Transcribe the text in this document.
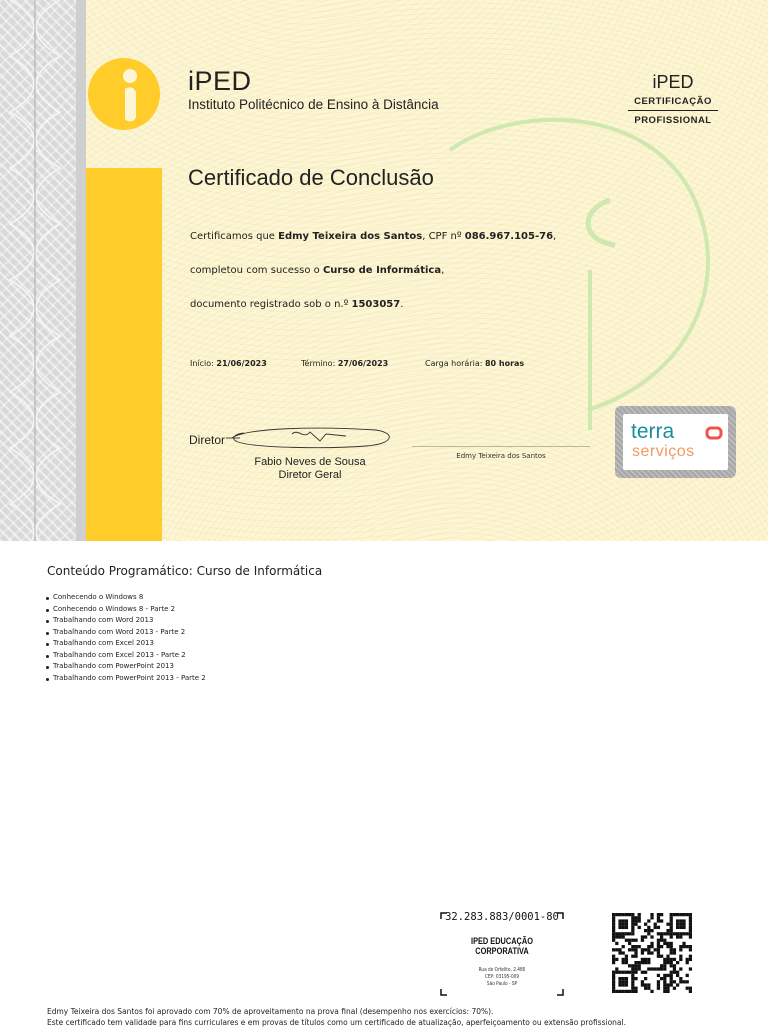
iPED
Instituto Politécnico de Ensino à Distância
iPED
CERTIFICAÇÃO
PROFISSIONAL
Certificado de Conclusão
Certificamos que Edmy Teixeira dos Santos, CPF nº 086.967.105-76,
completou com sucesso o Curso de Informática,
documento registrado sob o n.º 1503057.
Início: 21/06/2023	Término: 27/06/2023	Carga horária: 80 horas
Diretor
Fabio Neves de Sousa
Diretor Geral
Edmy Teixeira dos Santos
terra
serviços
Conteúdo Programático: Curso de Informática
Conhecendo o Windows 8
Conhecendo o Windows 8 - Parte 2
Trabalhando com Word 2013
Trabalhando com Word 2013 - Parte 2
Trabalhando com Excel 2013
Trabalhando com Excel 2013 - Parte 2
Trabalhando com PowerPoint 2013
Trabalhando com PowerPoint 2013 - Parte 2
32.283.883/0001-80
IPED EDUCAÇÃO
CORPORATIVA
Rua do Orfelito, 2.480
CEP: 03195-009
São Paulo - SP
Edmy Teixeira dos Santos foi aprovado com 70% de aproveitamento na prova final (desempenho nos exercícios: 70%).
Este certificado tem validade para fins curriculares e em provas de títulos como um certificado de atualização, aperfeiçoamento ou extensão profissional.
